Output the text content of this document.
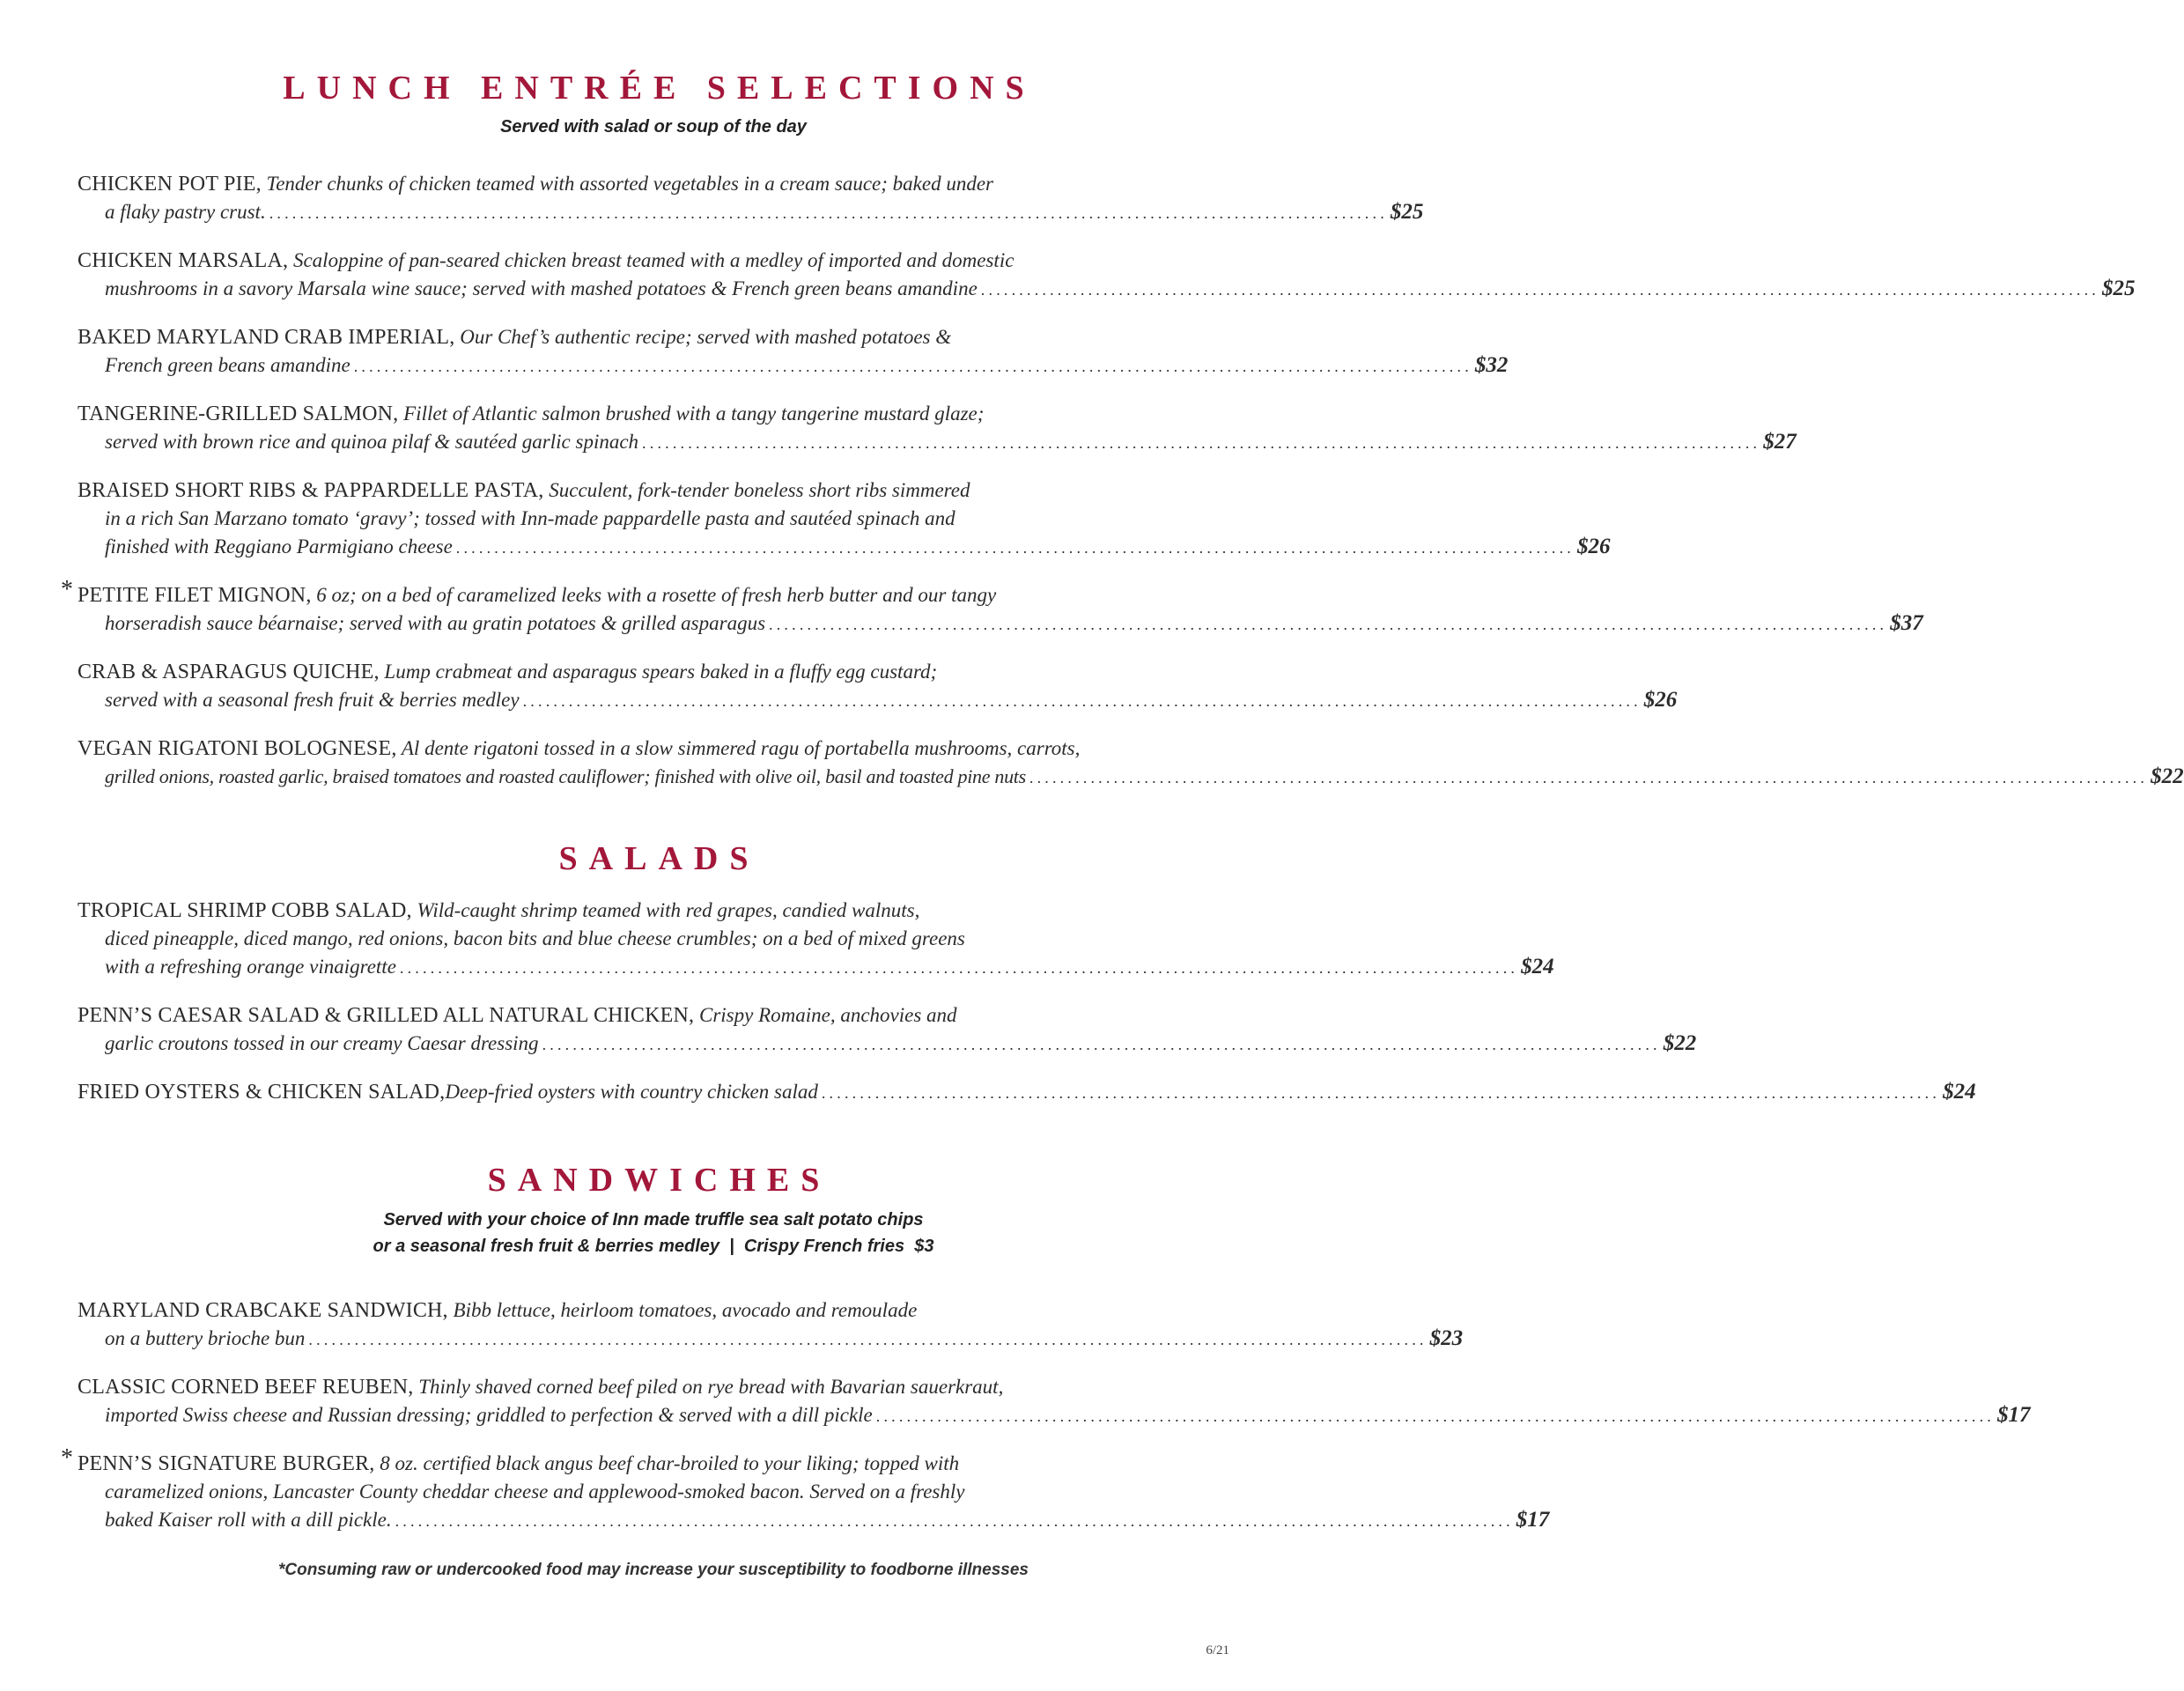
LUNCH ENTRÉE SELECTIONS
Served with salad or soup of the day
CHICKEN POT PIE, Tender chunks of chicken teamed with assorted vegetables in a cream sauce; baked under
a flaky pastry crust. .................................................................................................................................................. $25
CHICKEN MARSALA, Scaloppine of pan-seared chicken breast teamed with a medley of imported and domestic
mushrooms in a savory Marsala wine sauce; served with mashed potatoes & French green beans amandine .................................................................................................................................................. $25
BAKED MARYLAND CRAB IMPERIAL, Our Chef’s authentic recipe; served with mashed potatoes &
French green beans amandine .................................................................................................................................................. $32
TANGERINE-GRILLED SALMON, Fillet of Atlantic salmon brushed with a tangy tangerine mustard glaze;
served with brown rice and quinoa pilaf & sautéed garlic spinach .................................................................................................................................................. $27
BRAISED SHORT RIBS & PAPPARDELLE PASTA, Succulent, fork-tender boneless short ribs simmered
in a rich San Marzano tomato ‘gravy’; tossed with Inn-made pappardelle pasta and sautéed spinach and
finished with Reggiano Parmigiano cheese .................................................................................................................................................. $26
* PETITE FILET MIGNON, 6 oz; on a bed of caramelized leeks with a rosette of fresh herb butter and our tangy
horseradish sauce béarnaise; served with au gratin potatoes & grilled asparagus .................................................................................................................................................. $37
CRAB & ASPARAGUS QUICHE, Lump crabmeat and asparagus spears baked in a fluffy egg custard;
served with a seasonal fresh fruit & berries medley .................................................................................................................................................. $26
VEGAN RIGATONI BOLOGNESE, Al dente rigatoni tossed in a slow simmered ragu of portabella mushrooms, carrots,
grilled onions, roasted garlic, braised tomatoes and roasted cauliflower; finished with olive oil, basil and toasted pine nuts .................................................................................................................................................. $22
SALADS
TROPICAL SHRIMP COBB SALAD, Wild-caught shrimp teamed with red grapes, candied walnuts,
diced pineapple, diced mango, red onions, bacon bits and blue cheese crumbles; on a bed of mixed greens
with a refreshing orange vinaigrette .................................................................................................................................................. $24
PENN’S CAESAR SALAD & GRILLED ALL NATURAL CHICKEN, Crispy Romaine, anchovies and
garlic croutons tossed in our creamy Caesar dressing .................................................................................................................................................. $22
FRIED OYSTERS & CHICKEN SALAD, Deep-fried oysters with country chicken salad .................................................................................................................................................. $24
SANDWICHES
Served with your choice of Inn made truffle sea salt potato chips
or a seasonal fresh fruit & berries medley  |  Crispy French fries  $3
MARYLAND CRABCAKE SANDWICH, Bibb lettuce, heirloom tomatoes, avocado and remoulade
on a buttery brioche bun .................................................................................................................................................. $23
CLASSIC CORNED BEEF REUBEN, Thinly shaved corned beef piled on rye bread with Bavarian sauerkraut,
imported Swiss cheese and Russian dressing; griddled to perfection & served with a dill pickle .................................................................................................................................................. $17
* PENN’S SIGNATURE BURGER, 8 oz. certified black angus beef char-broiled to your liking; topped with
caramelized onions, Lancaster County cheddar cheese and applewood-smoked bacon. Served on a freshly
baked Kaiser roll with a dill pickle. .................................................................................................................................................. $17
*Consuming raw or undercooked food may increase your susceptibility to foodborne illnesses
6/21
